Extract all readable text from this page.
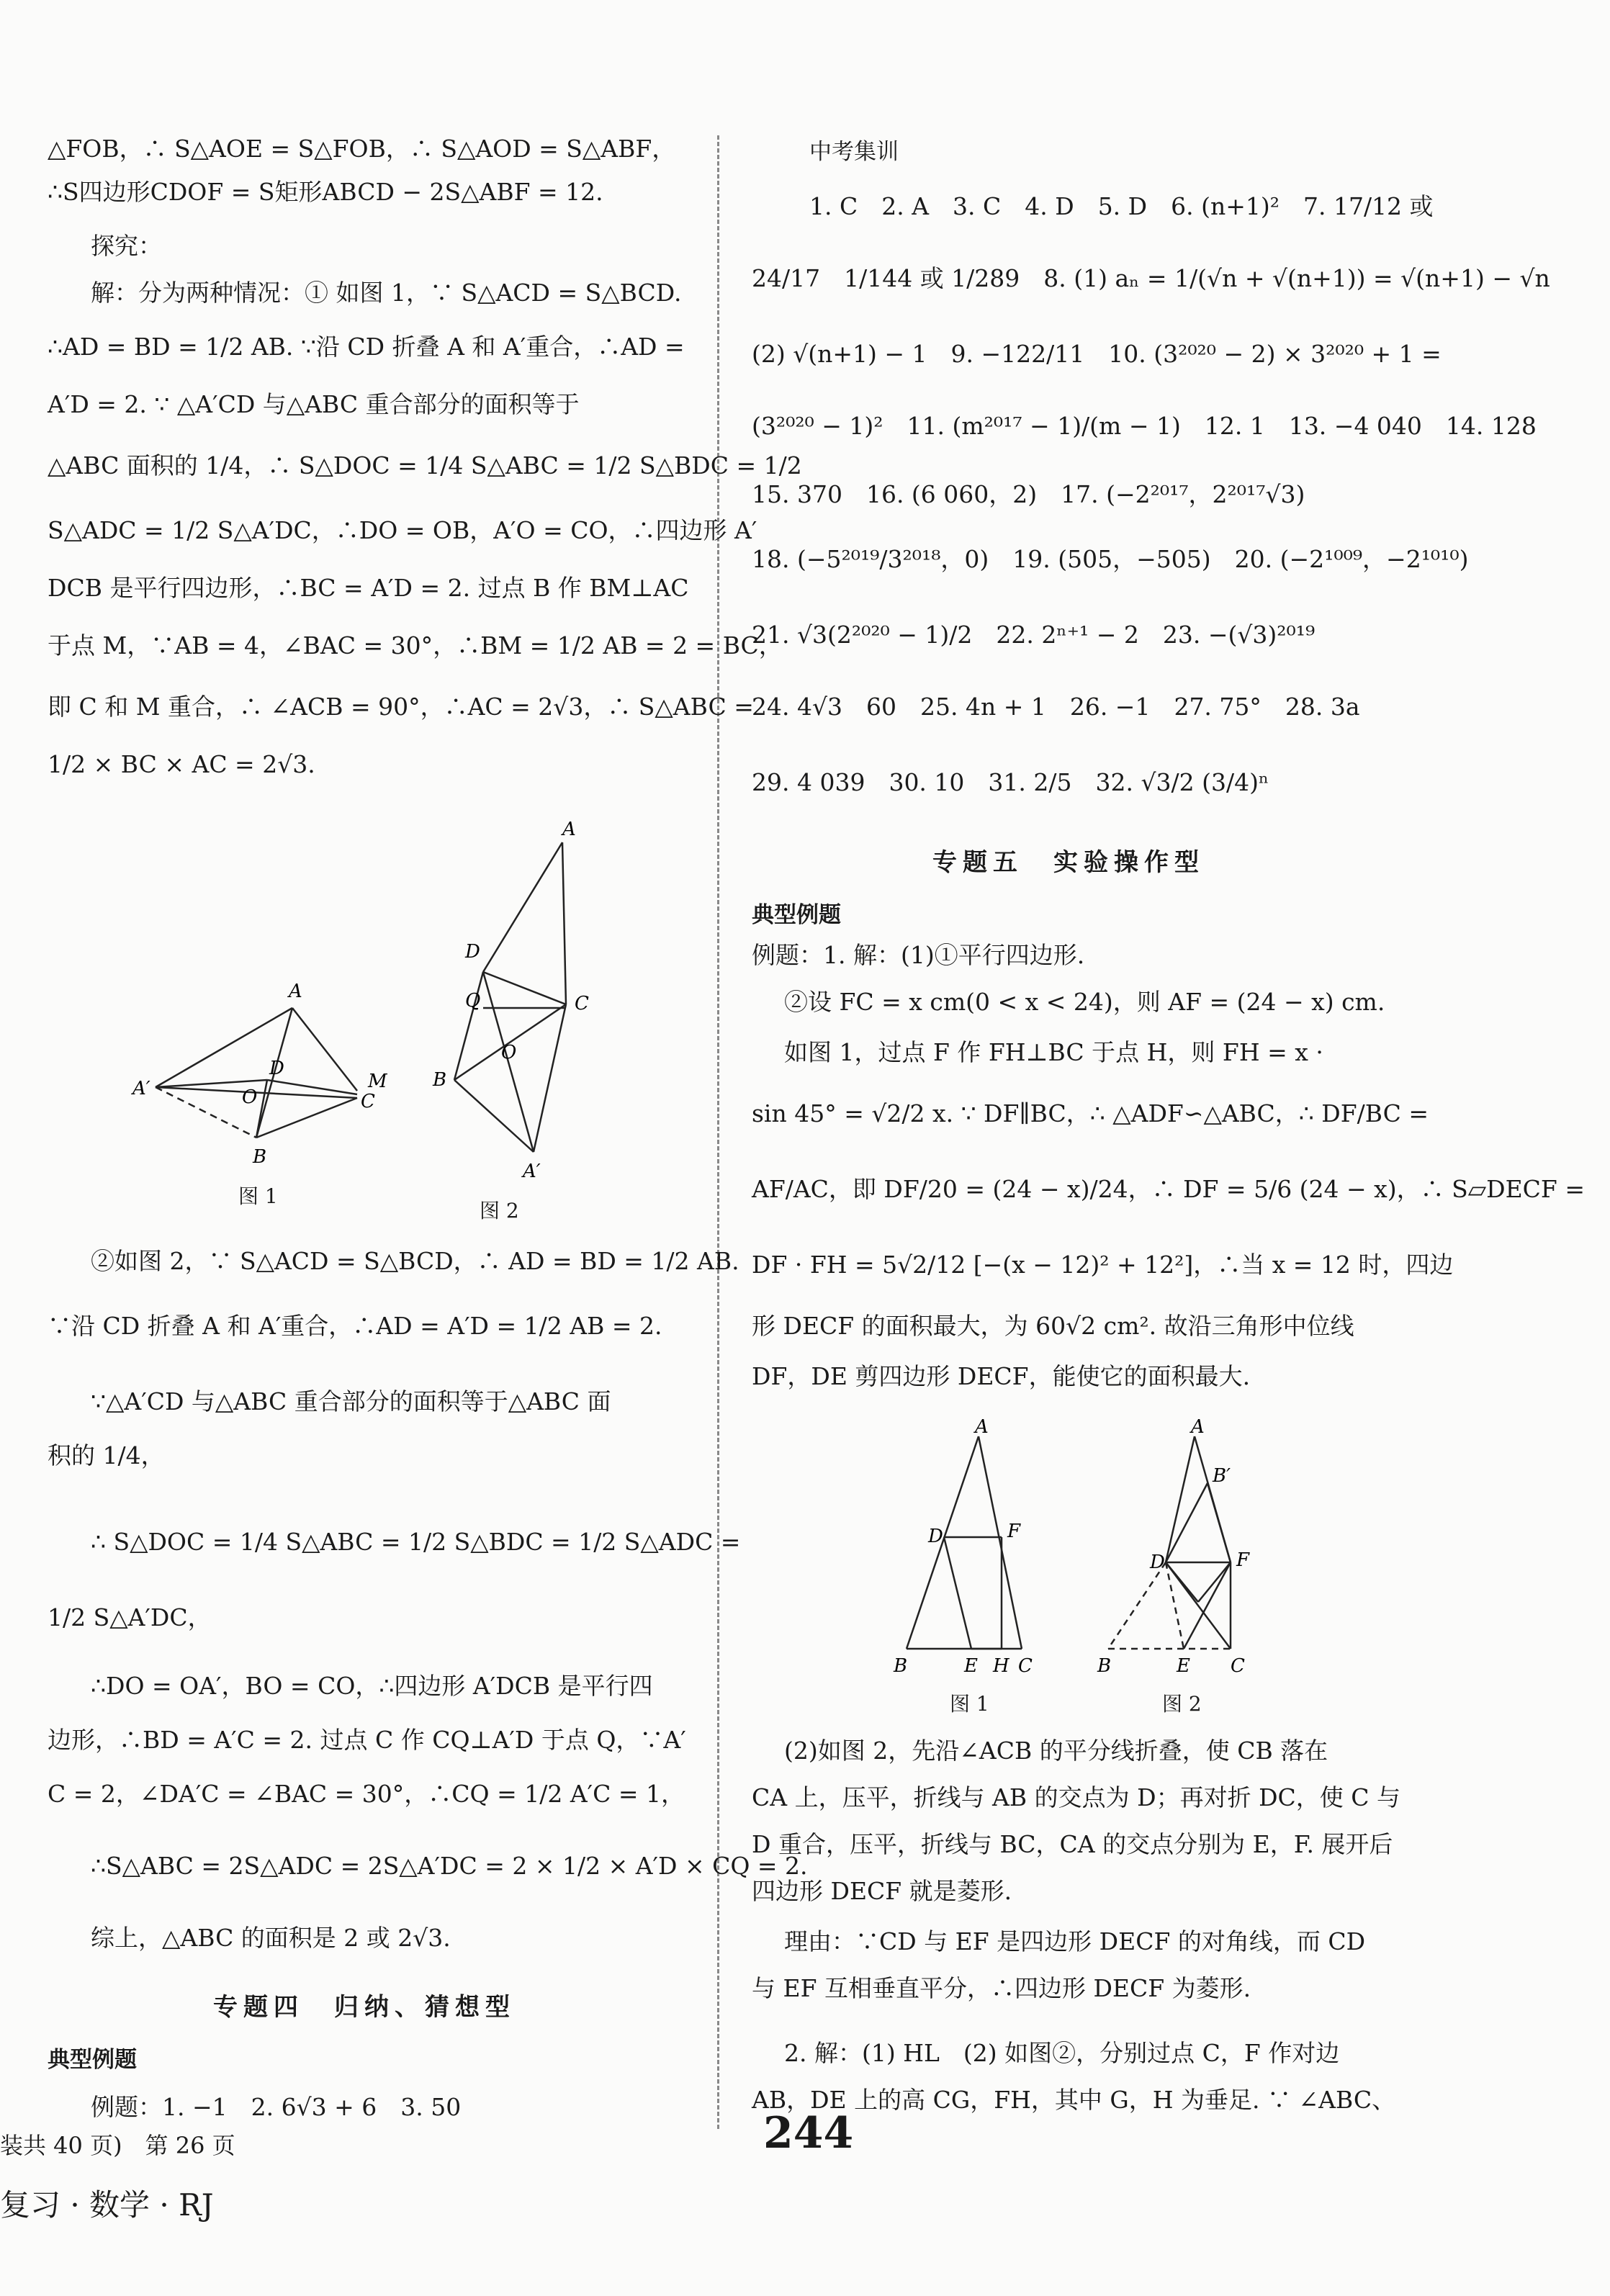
△FOB，∴ S△AOE = S△FOB，∴ S△AOD = S△ABF，

∴S四边形CDOF = S矩形ABCD − 2S△ABF = 12.

探究：

解：分为两种情况：① 如图 1，∵ S△ACD = S△BCD.

∴AD = BD = 1/2 AB. ∵沿 CD 折叠 A 和 A′重合，∴AD =

A′D = 2. ∵ △A′CD 与△ABC 重合部分的面积等于

△ABC 面积的 1/4，∴ S△DOC = 1/4 S△ABC = 1/2 S△BDC = 1/2

S△ADC = 1/2 S△A′DC，∴DO = OB，A′O = CO，∴四边形 A′

DCB 是平行四边形，∴BC = A′D = 2. 过点 B 作 BM⊥AC

于点 M，∵AB = 4，∠BAC = 30°，∴BM = 1/2 AB = 2 = BC，

即 C 和 M 重合，∴ ∠ACB = 90°，∴AC = 2√3，∴ S△ABC =

1/2 × BC × AC = 2√3.

A
D
O
A′	M
C
B
图 1
A
D
Q	C
B
O
A′
图 2

②如图 2，∵ S△ACD = S△BCD，∴ AD = BD = 1/2 AB.

∵沿 CD 折叠 A 和 A′重合，∴AD = A′D = 1/2 AB = 2.

∵△A′CD 与△ABC 重合部分的面积等于△ABC 面

积的 1/4，

∴ S△DOC = 1/4 S△ABC = 1/2 S△BDC = 1/2 S△ADC =

1/2 S△A′DC，

∴DO = OA′，BO = CO，∴四边形 A′DCB 是平行四

边形，∴BD = A′C = 2. 过点 C 作 CQ⊥A′D 于点 Q，∵A′

C = 2，∠DA′C = ∠BAC = 30°，∴CQ = 1/2 A′C = 1，

∴S△ABC = 2S△ADC = 2S△A′DC = 2 × 1/2 × A′D × CQ = 2.

综上，△ABC 的面积是 2 或 2√3.

专题四　归纳、猜想型
典型例题

例题：1. −1　2. 6√3 + 6　3. 50

中考集训

1. C　2. A　3. C　4. D　5. D　6. (n+1)²　7. 17/12 或

24/17　1/144 或 1/289　8. (1) aₙ = 1/(√n + √(n+1)) = √(n+1) − √n

(2) √(n+1) − 1　9. −122/11　10. (3²⁰²⁰ − 2) × 3²⁰²⁰ + 1 =

(3²⁰²⁰ − 1)²　11. (m²⁰¹⁷ − 1)/(m − 1)　12. 1　13. −4 040　14. 128

15. 370　16. (6 060，2)　17. (−2²⁰¹⁷，2²⁰¹⁷√3)

18. (−5²⁰¹⁹/3²⁰¹⁸，0)　19. (505，−505)　20. (−2¹⁰⁰⁹，−2¹⁰¹⁰)

21. √3(2²⁰²⁰ − 1)/2　22. 2ⁿ⁺¹ − 2　23. −(√3)²⁰¹⁹

24. 4√3　60　25. 4n + 1　26. −1　27. 75°　28. 3a

29. 4 039　30. 10　31. 2/5　32. √3/2 (3/4)ⁿ

专题五　实验操作型
典型例题

例题：1. 解：(1)①平行四边形.

②设 FC = x cm(0 < x < 24)，则 AF = (24 − x) cm.

如图 1，过点 F 作 FH⊥BC 于点 H，则 FH = x ·

sin 45° = √2/2 x. ∵ DF∥BC，∴ △ADF∽△ABC，∴ DF/BC =

AF/AC，即 DF/20 = (24 − x)/24，∴ DF = 5/6 (24 − x)，∴ S▱DECF =

DF · FH = 5√2/12 [−(x − 12)² + 12²]，∴当 x = 12 时，四边

形 DECF 的面积最大，为 60√2 cm². 故沿三角形中位线

DF，DE 剪四边形 DECF，能使它的面积最大.

A
D	F
B	E H C
图 1
A
B′
D	F
B	E C
图 2

(2)如图 2，先沿∠ACB 的平分线折叠，使 CB 落在

CA 上，压平，折线与 AB 的交点为 D；再对折 DC，使 C 与

D 重合，压平，折线与 BC，CA 的交点分别为 E，F. 展开后

四边形 DECF 就是菱形.

理由：∵CD 与 EF 是四边形 DECF 的对角线，而 CD

与 EF 互相垂直平分，∴四边形 DECF 为菱形.

2. 解：(1) HL　(2) 如图②，分别过点 C，F 作对边

AB，DE 上的高 CG，FH，其中 G，H 为垂足. ∵ ∠ABC、

装共 40 页)　第 26 页
复习 · 数学 · RJ
244
